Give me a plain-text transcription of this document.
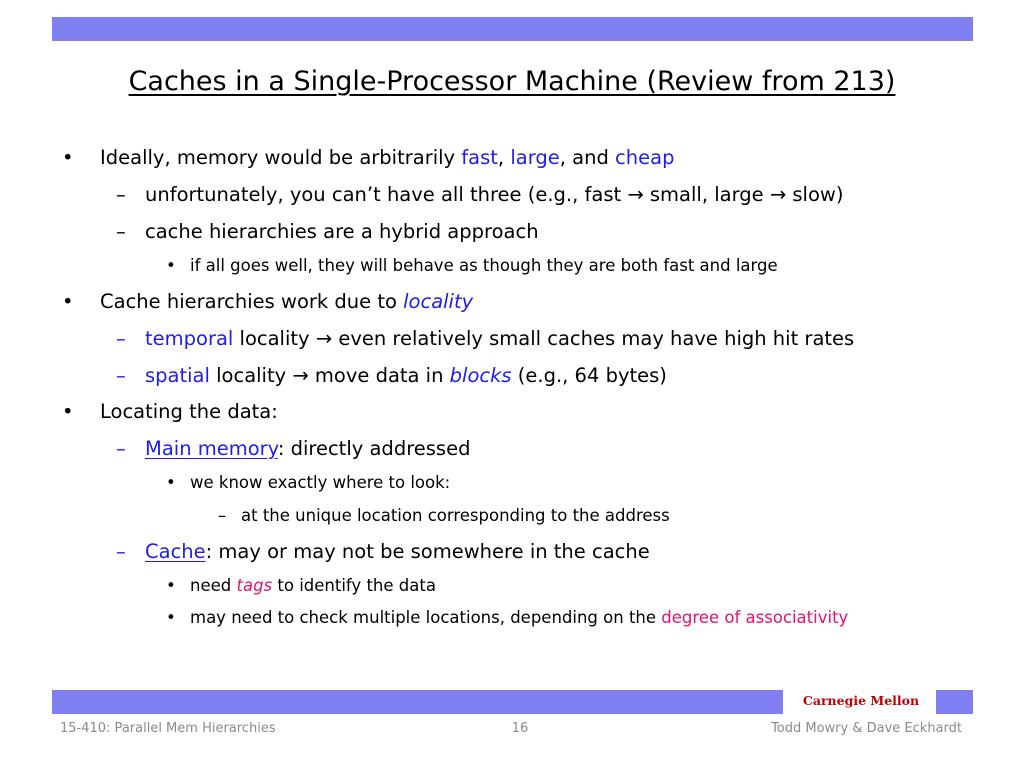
Caches in a Single-Processor Machine (Review from 213)
• Ideally, memory would be arbitrarily fast, large, and cheap
– unfortunately, you can’t have all three (e.g., fast → small, large → slow)
– cache hierarchies are a hybrid approach
• if all goes well, they will behave as though they are both fast and large
• Cache hierarchies work due to locality
– temporal locality → even relatively small caches may have high hit rates
– spatial locality → move data in blocks (e.g., 64 bytes)
• Locating the data:
– Main memory: directly addressed
• we know exactly where to look:
– at the unique location corresponding to the address
– Cache: may or may not be somewhere in the cache
• need tags to identify the data
• may need to check multiple locations, depending on the degree of associativity
Carnegie Mellon
15-410: Parallel Mem Hierarchies	16	Todd Mowry & Dave Eckhardt
